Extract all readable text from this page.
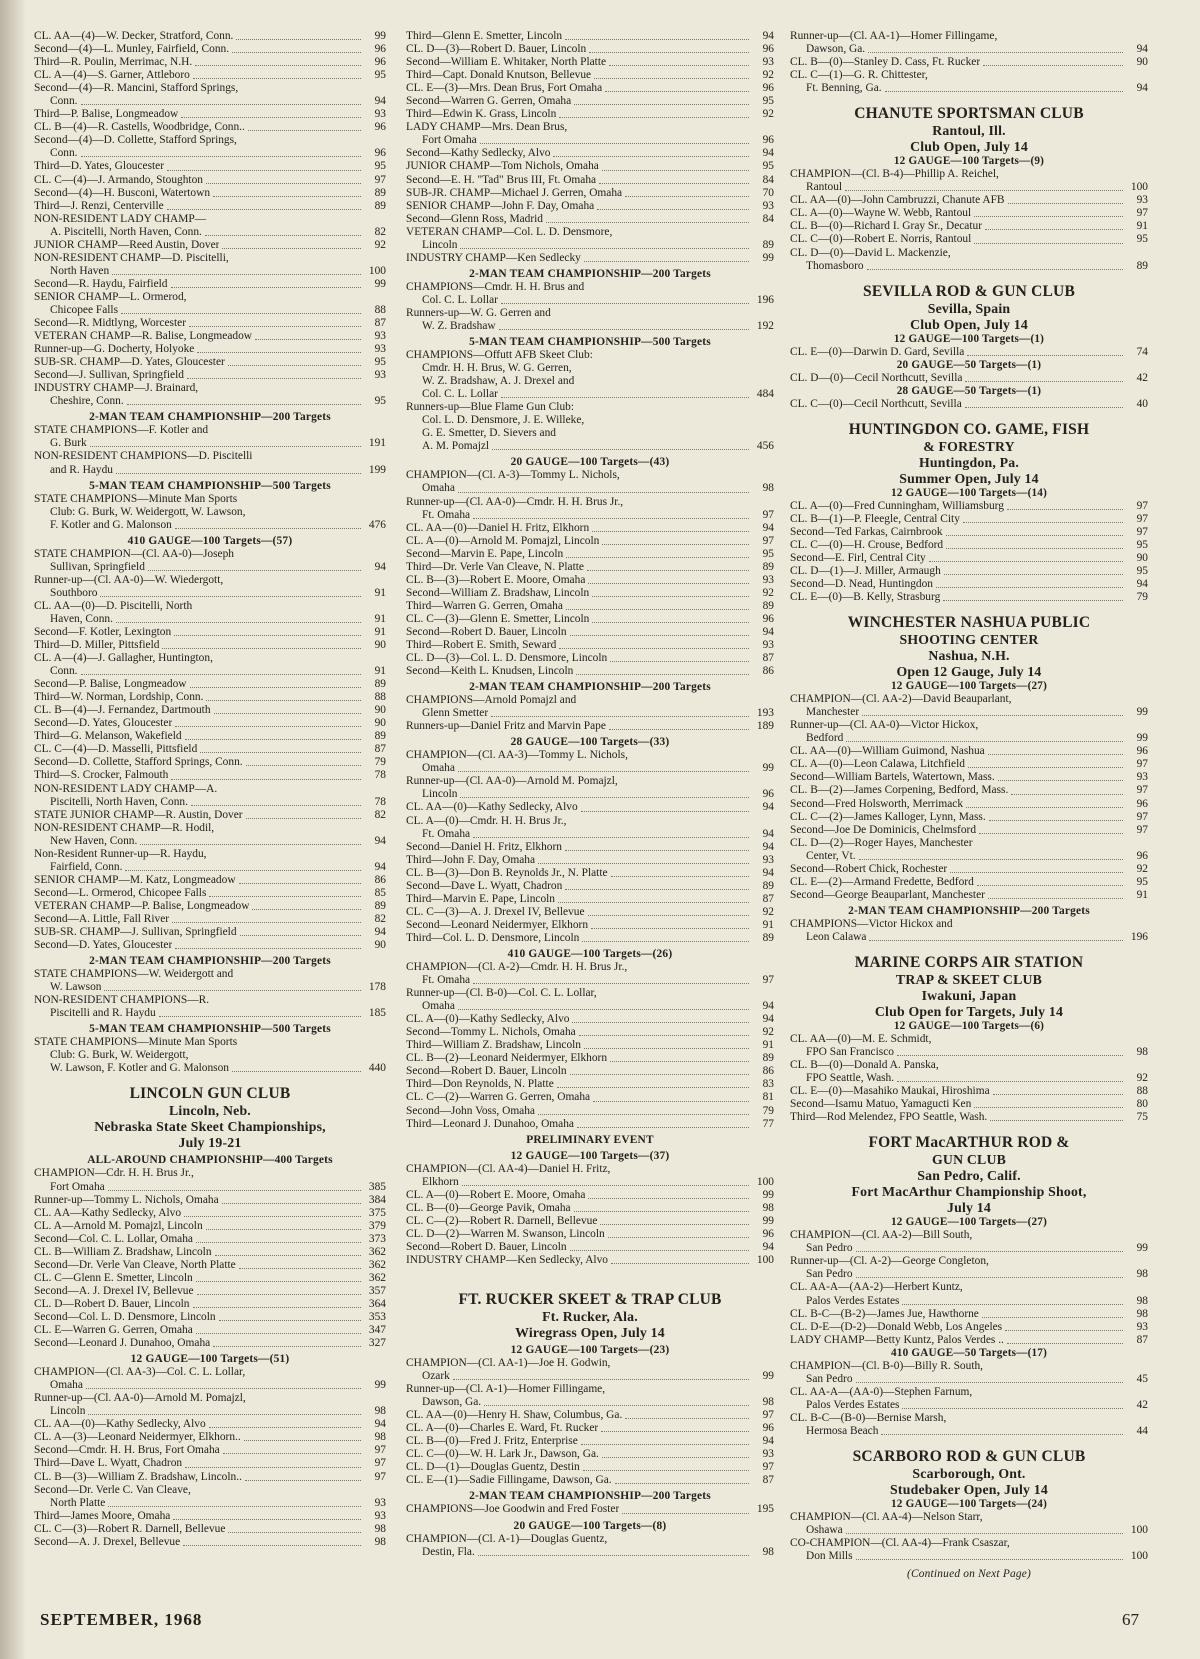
CL. AA—(4)—W. Decker, Stratford, Conn.	99
Second—(4)—L. Munley, Fairfield, Conn.	96
Third—R. Poulin, Merrimac, N.H.	96
CL. A—(4)—S. Garner, Attleboro	95
Second—(4)—R. Mancini, Stafford Springs,
Conn.	94
Third—P. Balise, Longmeadow	93
CL. B—(4)—R. Castells, Woodbridge, Conn..	96
Second—(4)—D. Collette, Stafford Springs,
Conn.	96
Third—D. Yates, Gloucester	95
CL. C—(4)—J. Armando, Stoughton	97
Second—(4)—H. Busconi, Watertown	89
Third—J. Renzi, Centerville	89
NON-RESIDENT LADY CHAMP—
A. Piscitelli, North Haven, Conn.	82
JUNIOR CHAMP—Reed Austin, Dover	92
NON-RESIDENT CHAMP—D. Piscitelli,
North Haven	100
Second—R. Haydu, Fairfield	99
SENIOR CHAMP—L. Ormerod,
Chicopee Falls	88
Second—R. Midtlyng, Worcester	87
VETERAN CHAMP—R. Balise, Longmeadow	93
Runner-up—G. Docherty, Holyoke	93
SUB-SR. CHAMP—D. Yates, Gloucester	95
Second—J. Sullivan, Springfield	93
INDUSTRY CHAMP—J. Brainard,
Cheshire, Conn.	95
2-MAN TEAM CHAMPIONSHIP—200 Targets
STATE CHAMPIONS—F. Kotler and
G. Burk	191
NON-RESIDENT CHAMPIONS—D. Piscitelli
and R. Haydu	199
5-MAN TEAM CHAMPIONSHIP—500 Targets
STATE CHAMPIONS—Minute Man Sports
Club: G. Burk, W. Weidergott, W. Lawson,
F. Kotler and G. Malonson	476
410 GAUGE—100 Targets—(57)
STATE CHAMPION—(Cl. AA-0)—Joseph
Sullivan, Springfield	94
Runner-up—(Cl. AA-0)—W. Wiedergott,
Southboro	91
CL. AA—(0)—D. Piscitelli, North
Haven, Conn.	91
Second—F. Kotler, Lexington	91
Third—D. Miller, Pittsfield	90
CL. A—(4)—J. Gallagher, Huntington,
Conn.	91
Second—P. Balise, Longmeadow	89
Third—W. Norman, Lordship, Conn.	88
CL. B—(4)—J. Fernandez, Dartmouth	90
Second—D. Yates, Gloucester	90
Third—G. Melanson, Wakefield	89
CL. C—(4)—D. Masselli, Pittsfield	87
Second—D. Collette, Stafford Springs, Conn.	79
Third—S. Crocker, Falmouth	78
NON-RESIDENT LADY CHAMP—A.
Piscitelli, North Haven, Conn.	78
STATE JUNIOR CHAMP—R. Austin, Dover	82
NON-RESIDENT CHAMP—R. Hodil,
New Haven, Conn.	94
Non-Resident Runner-up—R. Haydu,
Fairfield, Conn.	94
SENIOR CHAMP—M. Katz, Longmeadow	86
Second—L. Ormerod, Chicopee Falls	85
VETERAN CHAMP—P. Balise, Longmeadow	89
Second—A. Little, Fall River	82
SUB-SR. CHAMP—J. Sullivan, Springfield	94
Second—D. Yates, Gloucester	90
2-MAN TEAM CHAMPIONSHIP—200 Targets
STATE CHAMPIONS—W. Weidergott and
W. Lawson	178
NON-RESIDENT CHAMPIONS—R.
Piscitelli and R. Haydu	185
5-MAN TEAM CHAMPIONSHIP—500 Targets
STATE CHAMPIONS—Minute Man Sports
Club: G. Burk, W. Weidergott,
W. Lawson, F. Kotler and G. Malonson	440
LINCOLN GUN CLUB
Lincoln, Neb.
Nebraska State Skeet Championships,
July 19-21
ALL-AROUND CHAMPIONSHIP—400 Targets
CHAMPION—Cdr. H. H. Brus Jr.,
Fort Omaha	385
Runner-up—Tommy L. Nichols, Omaha	384
CL. AA—Kathy Sedlecky, Alvo	375
CL. A—Arnold M. Pomajzl, Lincoln	379
Second—Col. C. L. Lollar, Omaha	373
CL. B—William Z. Bradshaw, Lincoln	362
Second—Dr. Verle Van Cleave, North Platte	362
CL. C—Glenn E. Smetter, Lincoln	362
Second—A. J. Drexel IV, Bellevue	357
CL. D—Robert D. Bauer, Lincoln	364
Second—Col. L. D. Densmore, Lincoln	353
CL. E—Warren G. Gerren, Omaha	347
Second—Leonard J. Dunahoo, Omaha	327
12 GAUGE—100 Targets—(51)
CHAMPION—(Cl. AA-3)—Col. C. L. Lollar,
Omaha	99
Runner-up—(Cl. AA-0)—Arnold M. Pomajzl,
Lincoln	98
CL. AA—(0)—Kathy Sedlecky, Alvo	94
CL. A—(3)—Leonard Neidermyer, Elkhorn..	98
Second—Cmdr. H. H. Brus, Fort Omaha	97
Third—Dave L. Wyatt, Chadron	97
CL. B—(3)—William Z. Bradshaw, Lincoln..	97
Second—Dr. Verle C. Van Cleave,
North Platte	93
Third—James Moore, Omaha	93
CL. C—(3)—Robert R. Darnell, Bellevue	98
Second—A. J. Drexel, Bellevue	98
Third—Glenn E. Smetter, Lincoln	94
CL. D—(3)—Robert D. Bauer, Lincoln	96
Second—William E. Whitaker, North Platte	93
Third—Capt. Donald Knutson, Bellevue	92
CL. E—(3)—Mrs. Dean Brus, Fort Omaha	96
Second—Warren G. Gerren, Omaha	95
Third—Edwin K. Grass, Lincoln	92
LADY CHAMP—Mrs. Dean Brus,
Fort Omaha	96
Second—Kathy Sedlecky, Alvo	94
JUNIOR CHAMP—Tom Nichols, Omaha	95
Second—E. H. "Tad" Brus III, Ft. Omaha	84
SUB-JR. CHAMP—Michael J. Gerren, Omaha	70
SENIOR CHAMP—John F. Day, Omaha	93
Second—Glenn Ross, Madrid	84
VETERAN CHAMP—Col. L. D. Densmore,
Lincoln	89
INDUSTRY CHAMP—Ken Sedlecky	99
2-MAN TEAM CHAMPIONSHIP—200 Targets
CHAMPIONS—Cmdr. H. H. Brus and
Col. C. L. Lollar	196
Runners-up—W. G. Gerren and
W. Z. Bradshaw	192
5-MAN TEAM CHAMPIONSHIP—500 Targets
CHAMPIONS—Offutt AFB Skeet Club:
Cmdr. H. H. Brus, W. G. Gerren,
W. Z. Bradshaw, A. J. Drexel and
Col. C. L. Lollar	484
Runners-up—Blue Flame Gun Club:
Col. L. D. Densmore, J. E. Willeke,
G. E. Smetter, D. Sievers and
A. M. Pomajzl	456
20 GAUGE—100 Targets—(43)
CHAMPION—(Cl. A-3)—Tommy L. Nichols,
Omaha	98
Runner-up—(Cl. AA-0)—Cmdr. H. H. Brus Jr.,
Ft. Omaha	97
CL. AA—(0)—Daniel H. Fritz, Elkhorn	94
CL. A—(0)—Arnold M. Pomajzl, Lincoln	97
Second—Marvin E. Pape, Lincoln	95
Third—Dr. Verle Van Cleave, N. Platte	89
CL. B—(3)—Robert E. Moore, Omaha	93
Second—William Z. Bradshaw, Lincoln	92
Third—Warren G. Gerren, Omaha	89
CL. C—(3)—Glenn E. Smetter, Lincoln	96
Second—Robert D. Bauer, Lincoln	94
Third—Robert E. Smith, Seward	93
CL. D—(3)—Col. L. D. Densmore, Lincoln	87
Second—Keith L. Knudsen, Lincoln	86
2-MAN TEAM CHAMPIONSHIP—200 Targets
CHAMPIONS—Arnold Pomajzl and
Glenn Smetter	193
Runners-up—Daniel Fritz and Marvin Pape	189
28 GAUGE—100 Targets—(33)
CHAMPION—(Cl. AA-3)—Tommy L. Nichols,
Omaha	99
Runner-up—(Cl. AA-0)—Arnold M. Pomajzl,
Lincoln	96
CL. AA—(0)—Kathy Sedlecky, Alvo	94
CL. A—(0)—Cmdr. H. H. Brus Jr.,
Ft. Omaha	94
Second—Daniel H. Fritz, Elkhorn	94
Third—John F. Day, Omaha	93
CL. B—(3)—Don B. Reynolds Jr., N. Platte	94
Second—Dave L. Wyatt, Chadron	89
Third—Marvin E. Pape, Lincoln	87
CL. C—(3)—A. J. Drexel IV, Bellevue	92
Second—Leonard Neidermyer, Elkhorn	91
Third—Col. L. D. Densmore, Lincoln	89
410 GAUGE—100 Targets—(26)
CHAMPION—(Cl. A-2)—Cmdr. H. H. Brus Jr.,
Ft. Omaha	97
Runner-up—(Cl. B-0)—Col. C. L. Lollar,
Omaha	94
CL. A—(0)—Kathy Sedlecky, Alvo	94
Second—Tommy L. Nichols, Omaha	92
Third—William Z. Bradshaw, Lincoln	91
CL. B—(2)—Leonard Neidermyer, Elkhorn	89
Second—Robert D. Bauer, Lincoln	86
Third—Don Reynolds, N. Platte	83
CL. C—(2)—Warren G. Gerren, Omaha	81
Second—John Voss, Omaha	79
Third—Leonard J. Dunahoo, Omaha	77
PRELIMINARY EVENT
12 GAUGE—100 Targets—(37)
CHAMPION—(Cl. AA-4)—Daniel H. Fritz,
Elkhorn	100
CL. A—(0)—Robert E. Moore, Omaha	99
CL. B—(0)—George Pavik, Omaha	98
CL. C—(2)—Robert R. Darnell, Bellevue	99
CL. D—(2)—Warren M. Swanson, Lincoln	96
Second—Robert D. Bauer, Lincoln	94
INDUSTRY CHAMP—Ken Sedlecky, Alvo	100
FT. RUCKER SKEET & TRAP CLUB
Ft. Rucker, Ala.
Wiregrass Open, July 14
12 GAUGE—100 Targets—(23)
CHAMPION—(Cl. AA-1)—Joe H. Godwin,
Ozark	99
Runner-up—(Cl. A-1)—Homer Fillingame,
Dawson, Ga.	98
CL. AA—(0)—Henry H. Shaw, Columbus, Ga.	97
CL. A—(0)—Charles E. Ward, Ft. Rucker	96
CL. B—(0)—Fred J. Fritz, Enterprise	94
CL. C—(0)—W. H. Lark Jr., Dawson, Ga.	93
CL. D—(1)—Douglas Guentz, Destin	97
CL. E—(1)—Sadie Fillingame, Dawson, Ga.	87
2-MAN TEAM CHAMPIONSHIP—200 Targets
CHAMPIONS—Joe Goodwin and Fred Foster	195
20 GAUGE—100 Targets—(8)
CHAMPION—(Cl. A-1)—Douglas Guentz,
Destin, Fla.	98
Runner-up—(Cl. AA-1)—Homer Fillingame,
Dawson, Ga.	94
CL. B—(0)—Stanley D. Cass, Ft. Rucker	90
CL. C—(1)—G. R. Chittester,
Ft. Benning, Ga.	94
CHANUTE SPORTSMAN CLUB
Rantoul, Ill.
Club Open, July 14
12 GAUGE—100 Targets—(9)
CHAMPION—(Cl. B-4)—Phillip A. Reichel,
Rantoul	100
CL. AA—(0)—John Cambruzzi, Chanute AFB	93
CL. A—(0)—Wayne W. Webb, Rantoul	97
CL. B—(0)—Richard I. Gray Sr., Decatur	91
CL. C—(0)—Robert E. Norris, Rantoul	95
CL. D—(0)—David L. Mackenzie,
Thomasboro	89
SEVILLA ROD & GUN CLUB
Sevilla, Spain
Club Open, July 14
12 GAUGE—100 Targets—(1)
CL. E—(0)—Darwin D. Gard, Sevilla	74
20 GAUGE—50 Targets—(1)
CL. D—(0)—Cecil Northcutt, Sevilla	42
28 GAUGE—50 Targets—(1)
CL. C—(0)—Cecil Northcutt, Sevilla	40
HUNTINGDON CO. GAME, FISH
& FORESTRY
Huntingdon, Pa.
Summer Open, July 14
12 GAUGE—100 Targets—(14)
CL. A—(0)—Fred Cunningham, Williamsburg	97
CL. B—(1)—P. Fleegle, Central City	97
Second—Ted Farkas, Cairnbrook	97
CL. C—(0)—H. Crouse, Bedford	95
Second—E. Firl, Central City	90
CL. D—(1)—J. Miller, Armaugh	95
Second—D. Nead, Huntingdon	94
CL. E—(0)—B. Kelly, Strasburg	79
WINCHESTER NASHUA PUBLIC
SHOOTING CENTER
Nashua, N.H.
Open 12 Gauge, July 14
12 GAUGE—100 Targets—(27)
CHAMPION—(Cl. AA-2)—David Beauparlant,
Manchester	99
Runner-up—(Cl. AA-0)—Victor Hickox,
Bedford	99
CL. AA—(0)—William Guimond, Nashua	96
CL. A—(0)—Leon Calawa, Litchfield	97
Second—William Bartels, Watertown, Mass.	93
CL. B—(2)—James Corpening, Bedford, Mass.	97
Second—Fred Holsworth, Merrimack	96
CL. C—(2)—James Kalloger, Lynn, Mass.	97
Second—Joe De Dominicis, Chelmsford	97
CL. D—(2)—Roger Hayes, Manchester
Center, Vt.	96
Second—Robert Chick, Rochester	92
CL. E—(2)—Armand Fredette, Bedford	95
Second—George Beauparlant, Manchester	91
2-MAN TEAM CHAMPIONSHIP—200 Targets
CHAMPIONS—Victor Hickox and
Leon Calawa	196
MARINE CORPS AIR STATION
TRAP & SKEET CLUB
Iwakuni, Japan
Club Open for Targets, July 14
12 GAUGE—100 Targets—(6)
CL. AA—(0)—M. E. Schmidt,
FPO San Francisco	98
CL. B—(0)—Donald A. Panska,
FPO Seattle, Wash.	92
CL. E—(0)—Masahiko Maukai, Hiroshima	88
Second—Isamu Matuo, Yamagucti Ken	80
Third—Rod Melendez, FPO Seattle, Wash.	75
FORT MacARTHUR ROD &
GUN CLUB
San Pedro, Calif.
Fort MacArthur Championship Shoot,
July 14
12 GAUGE—100 Targets—(27)
CHAMPION—(Cl. AA-2)—Bill South,
San Pedro	99
Runner-up—(Cl. A-2)—George Congleton,
San Pedro	98
CL. AA-A—(AA-2)—Herbert Kuntz,
Palos Verdes Estates	98
CL. B-C—(B-2)—James Jue, Hawthorne	98
CL. D-E—(D-2)—Donald Webb, Los Angeles	93
LADY CHAMP—Betty Kuntz, Palos Verdes ..	87
410 GAUGE—50 Targets—(17)
CHAMPION—(Cl. B-0)—Billy R. South,
San Pedro	45
CL. AA-A—(AA-0)—Stephen Farnum,
Palos Verdes Estates	42
CL. B-C—(B-0)—Bernise Marsh,
Hermosa Beach	44
SCARBORO ROD & GUN CLUB
Scarborough, Ont.
Studebaker Open, July 14
12 GAUGE—100 Targets—(24)
CHAMPION—(Cl. AA-4)—Nelson Starr,
Oshawa	100
CO-CHAMPION—(Cl. AA-4)—Frank Csaszar,
Don Mills	100
(Continued on Next Page)
SEPTEMBER, 1968	67
